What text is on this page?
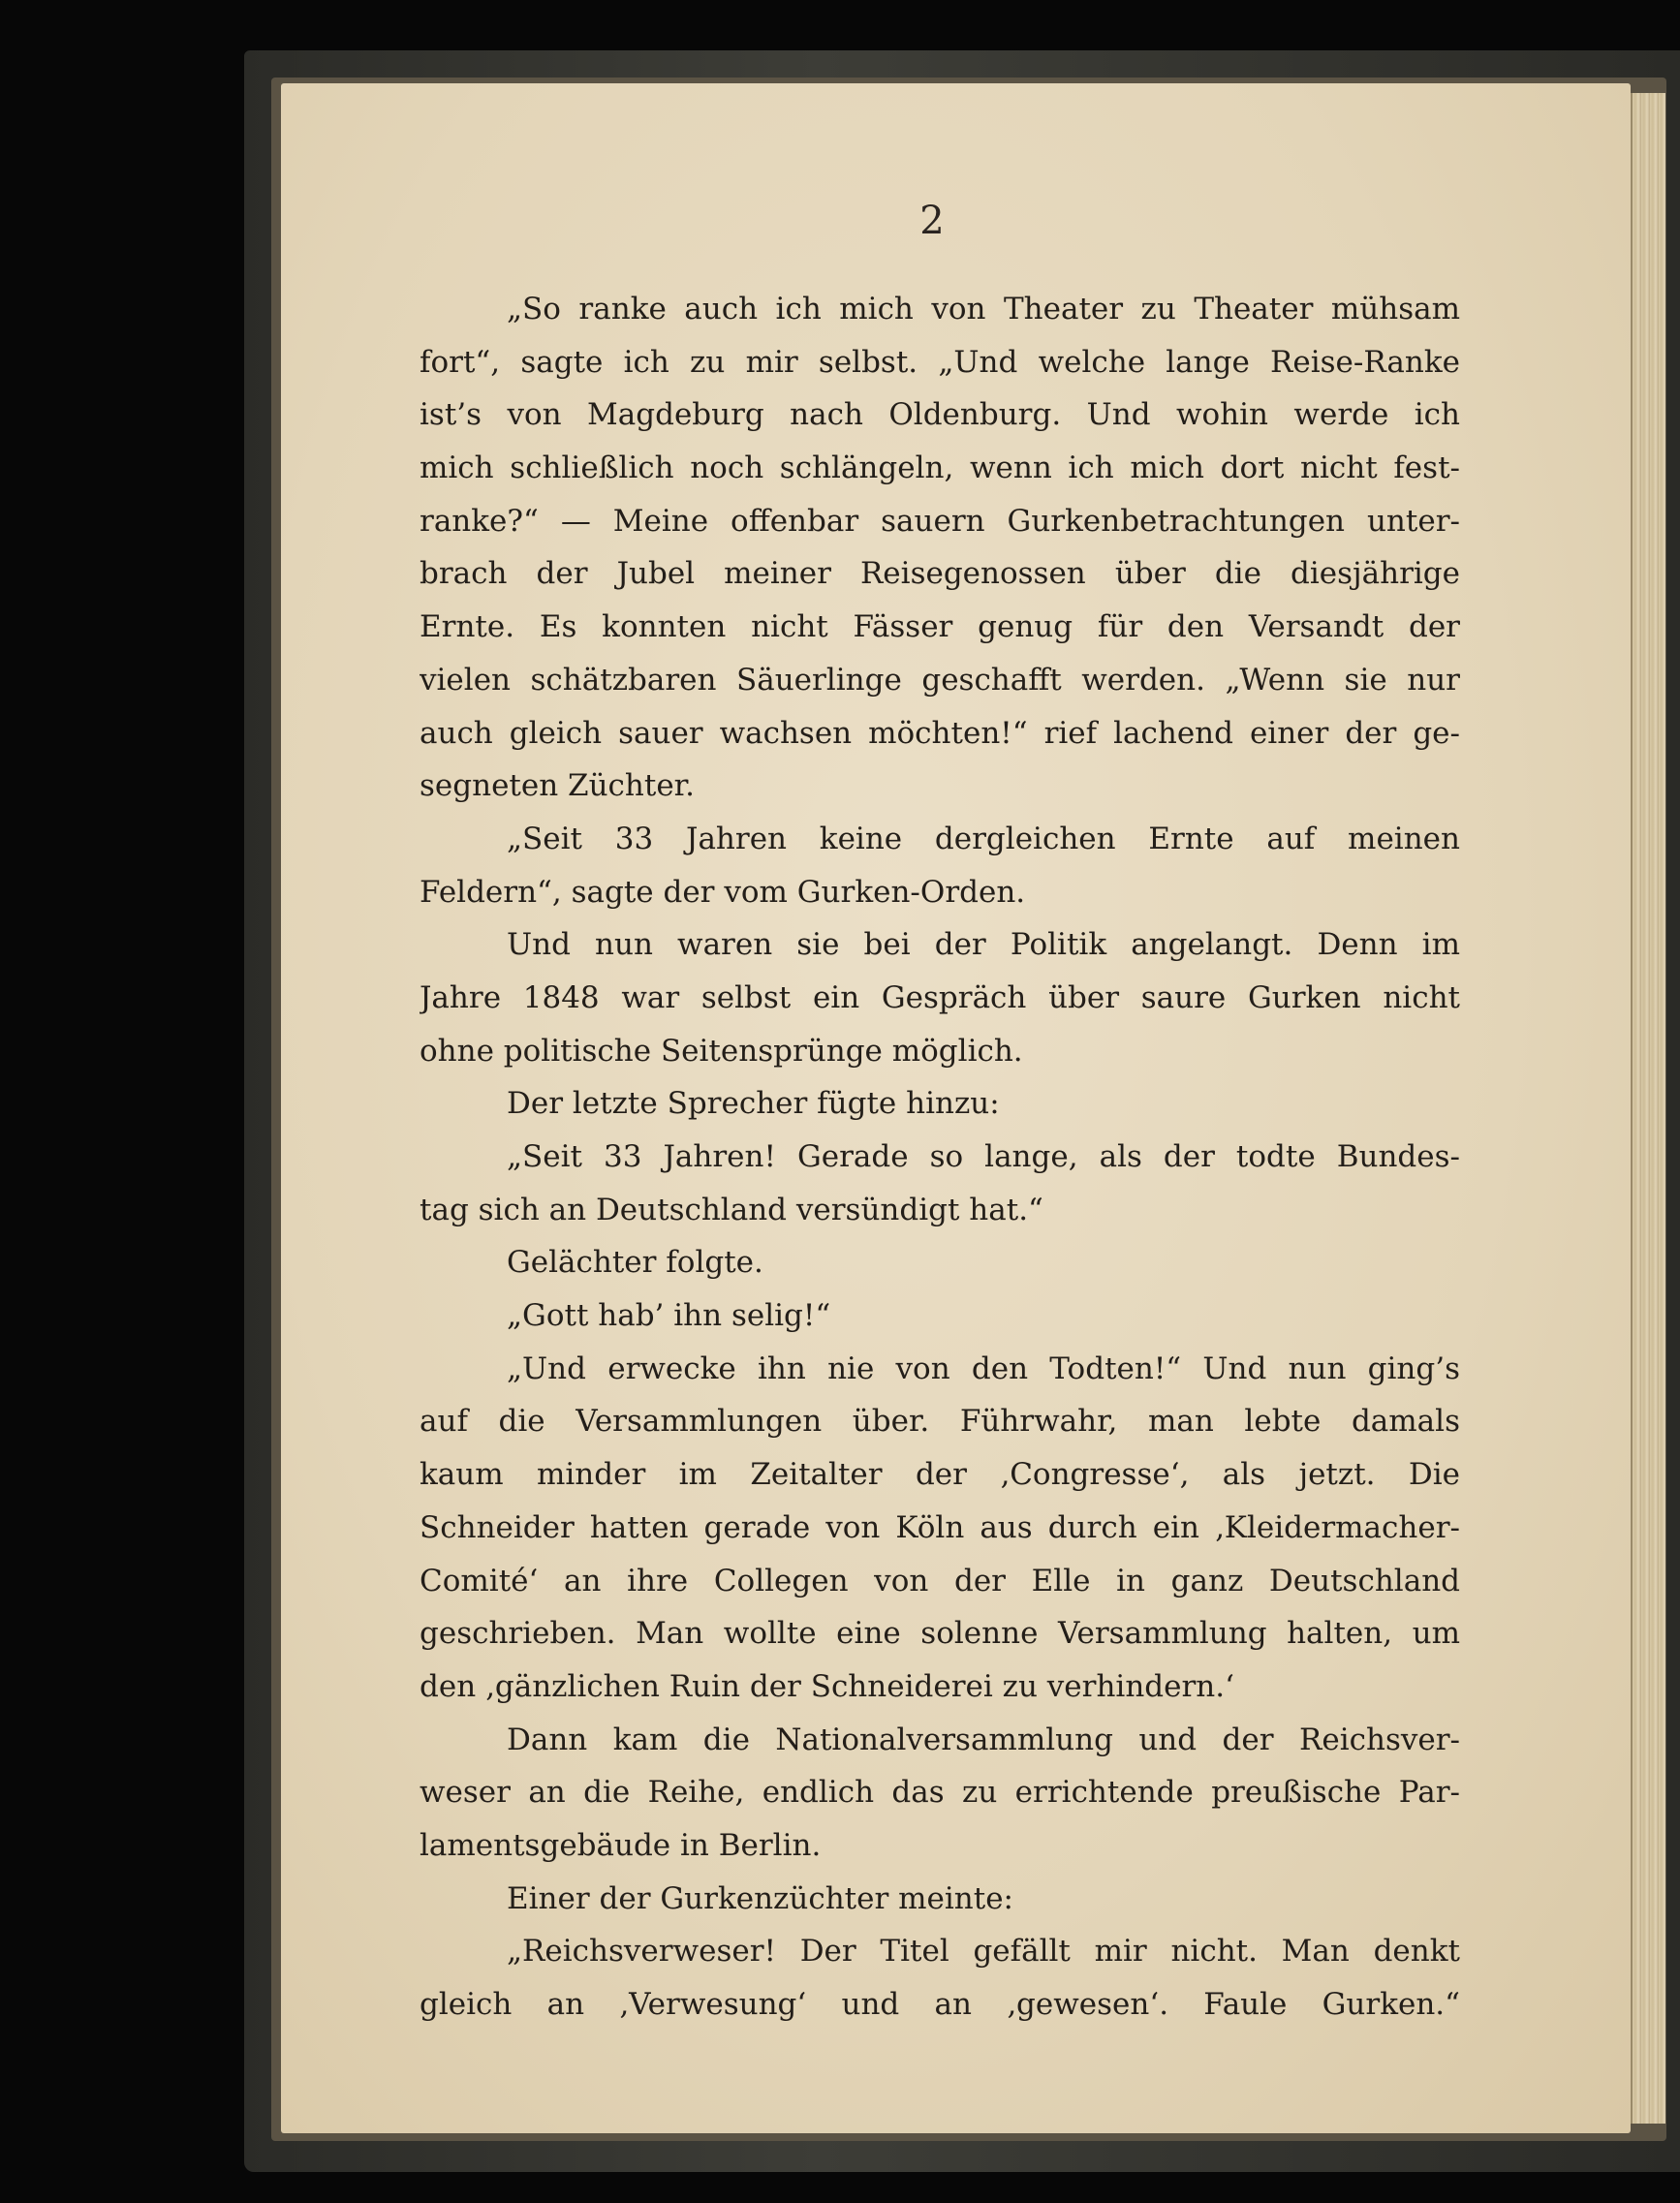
2
„So ranke auch ich mich von Theater zu Theater mühsam
fort“, sagte ich zu mir selbst. „Und welche lange Reise-Ranke
ist’s von Magdeburg nach Oldenburg. Und wohin werde ich
mich schließlich noch schlängeln, wenn ich mich dort nicht fest-
ranke?“ — Meine offenbar sauern Gurkenbetrachtungen unter-
brach der Jubel meiner Reisegenossen über die diesjährige
Ernte. Es konnten nicht Fässer genug für den Versandt der
vielen schätzbaren Säuerlinge geschafft werden. „Wenn sie nur
auch gleich sauer wachsen möchten!“ rief lachend einer der ge-
segneten Züchter.
„Seit 33 Jahren keine dergleichen Ernte auf meinen
Feldern“, sagte der vom Gurken-Orden.
Und nun waren sie bei der Politik angelangt. Denn im
Jahre 1848 war selbst ein Gespräch über saure Gurken nicht
ohne politische Seitensprünge möglich.
Der letzte Sprecher fügte hinzu:
„Seit 33 Jahren! Gerade so lange, als der todte Bundes-
tag sich an Deutschland versündigt hat.“
Gelächter folgte.
„Gott hab’ ihn selig!“
„Und erwecke ihn nie von den Todten!“ Und nun ging’s
auf die Versammlungen über. Führwahr, man lebte damals
kaum minder im Zeitalter der ‚Congresse‘, als jetzt. Die
Schneider hatten gerade von Köln aus durch ein ‚Kleidermacher-
Comité‘ an ihre Collegen von der Elle in ganz Deutschland
geschrieben. Man wollte eine solenne Versammlung halten, um
den ‚gänzlichen Ruin der Schneiderei zu verhindern.‘
Dann kam die Nationalversammlung und der Reichsver-
weser an die Reihe, endlich das zu errichtende preußische Par-
lamentsgebäude in Berlin.
Einer der Gurkenzüchter meinte:
„Reichsverweser! Der Titel gefällt mir nicht. Man denkt
gleich an ‚Verwesung‘ und an ‚gewesen‘. Faule Gurken.“
